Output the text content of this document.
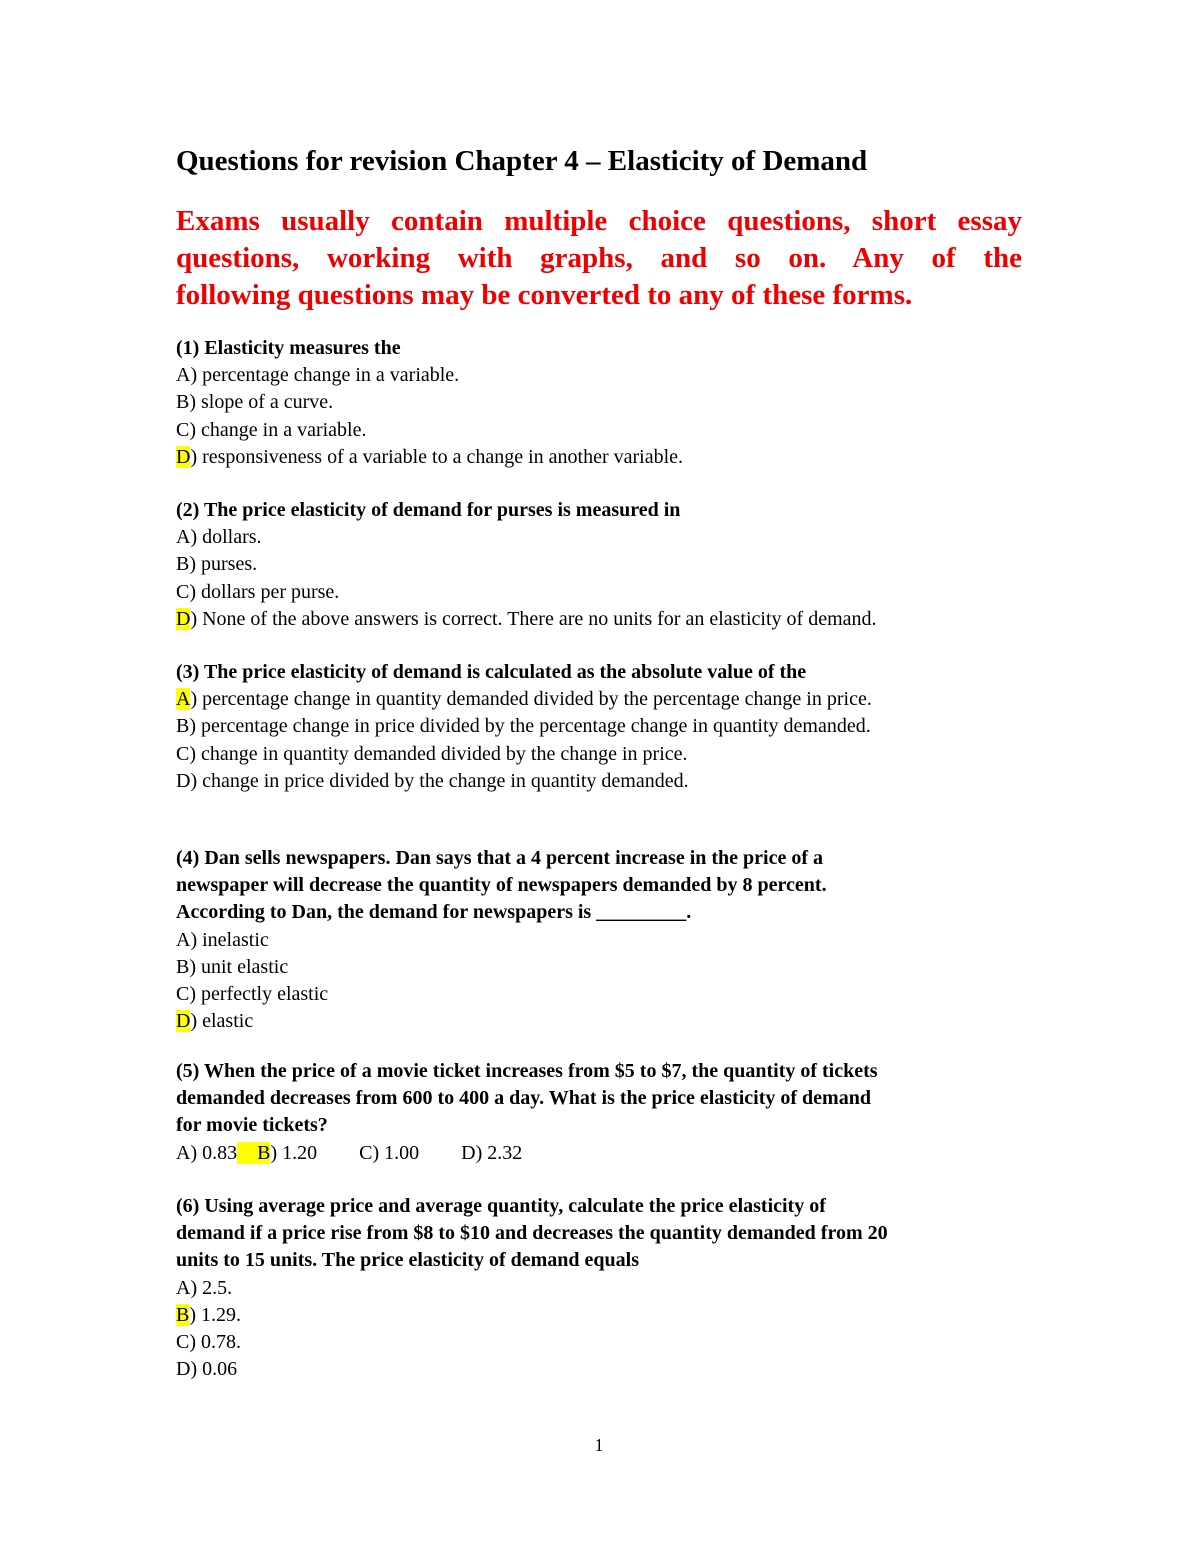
Questions for revision Chapter 4 – Elasticity of Demand
Exams usually contain multiple choice questions, short essay
questions, working with graphs, and so on. Any of the
following questions may be converted to any of these forms.
(1) Elasticity measures the
A) percentage change in a variable.
B) slope of a curve.
C) change in a variable.
D) responsiveness of a variable to a change in another variable.
(2) The price elasticity of demand for purses is measured in
A) dollars.
B) purses.
C) dollars per purse.
D) None of the above answers is correct. There are no units for an elasticity of demand.
(3) The price elasticity of demand is calculated as the absolute value of the
A) percentage change in quantity demanded divided by the percentage change in price.
B) percentage change in price divided by the percentage change in quantity demanded.
C) change in quantity demanded divided by the change in price.
D) change in price divided by the change in quantity demanded.
(4) Dan sells newspapers. Dan says that a 4 percent increase in the price of a
newspaper will decrease the quantity of newspapers demanded by 8 percent.
According to Dan, the demand for newspapers is _________.
A) inelastic
B) unit elastic
C) perfectly elastic
D) elastic
(5) When the price of a movie ticket increases from $5 to $7, the quantity of tickets
demanded decreases from 600 to 400 a day. What is the price elasticity of demand
for movie tickets?
A) 0.83    B) 1.20 C) 1.00 D) 2.32
(6) Using average price and average quantity, calculate the price elasticity of
demand if a price rise from $8 to $10 and decreases the quantity demanded from 20
units to 15 units. The price elasticity of demand equals
A) 2.5.
B) 1.29.
C) 0.78.
D) 0.06
1
